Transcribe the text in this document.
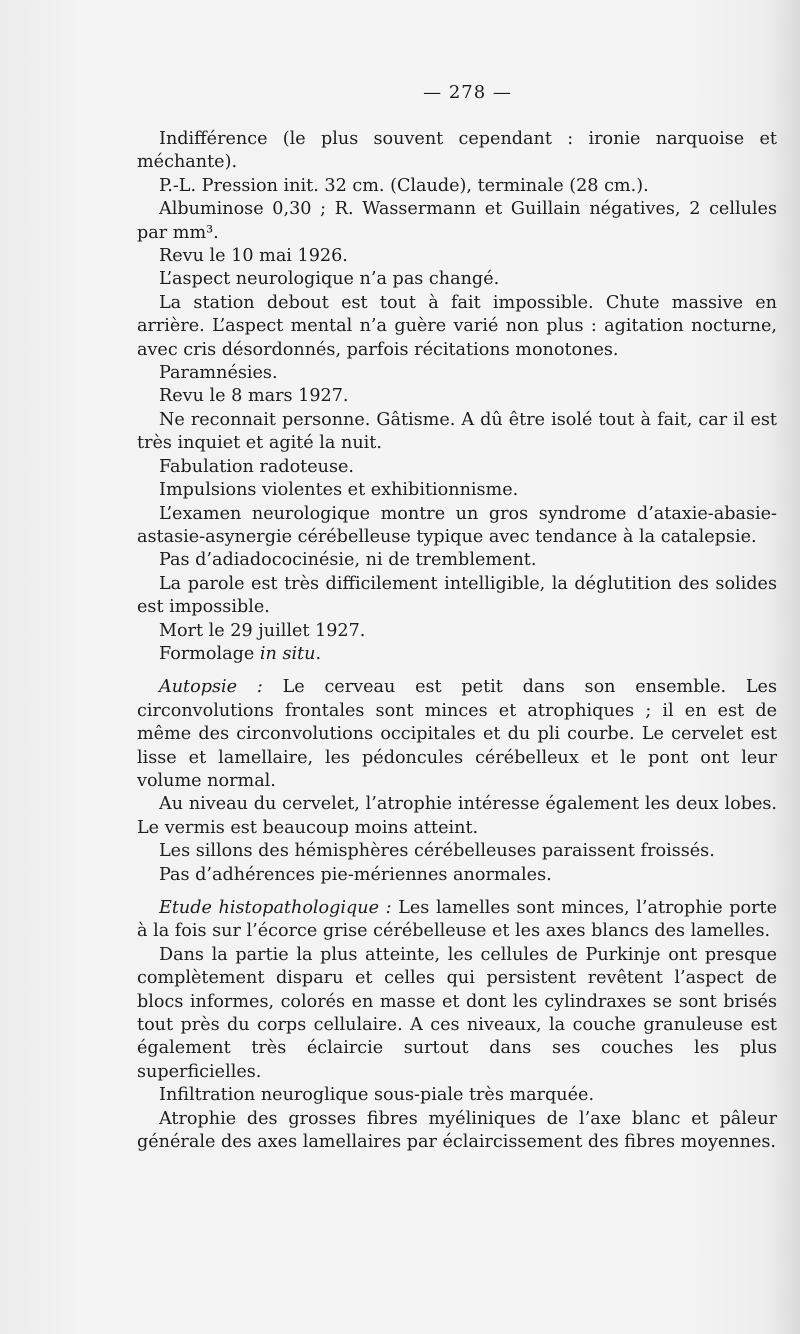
— 278 —

Indifférence (le plus souvent cependant : ironie narquoise et méchante).

P.-L. Pression init. 32 cm. (Claude), terminale (28 cm.).

Albuminose 0,30 ; R. Wassermann et Guillain négatives, 2 cellules par mm³.

Revu le 10 mai 1926.

L’aspect neurologique n’a pas changé.

La station debout est tout à fait impossible. Chute massive en arrière. L’aspect mental n’a guère varié non plus : agitation nocturne, avec cris désordonnés, parfois récitations monotones.

Paramnésies.

Revu le 8 mars 1927.

Ne reconnait personne. Gâtisme. A dû être isolé tout à fait, car il est très inquiet et agité la nuit.

Fabulation radoteuse.

Impulsions violentes et exhibitionnisme.

L’examen neurologique montre un gros syndrome d’ataxie-abasie-astasie-asynergie cérébelleuse typique avec tendance à la catalepsie.

Pas d’adiadococinésie, ni de tremblement.

La parole est très difficilement intelligible, la déglutition des solides est impossible.

Mort le 29 juillet 1927.

Formolage in situ.

Autopsie : Le cerveau est petit dans son ensemble. Les circonvolutions frontales sont minces et atrophiques ; il en est de même des circonvolutions occipitales et du pli courbe. Le cervelet est lisse et lamellaire, les pédoncules cérébelleux et le pont ont leur volume normal.

Au niveau du cervelet, l’atrophie intéresse également les deux lobes. Le vermis est beaucoup moins atteint.

Les sillons des hémisphères cérébelleuses paraissent froissés.

Pas d’adhérences pie-mériennes anormales.

Etude histopathologique : Les lamelles sont minces, l’atrophie porte à la fois sur l’écorce grise cérébelleuse et les axes blancs des lamelles.

Dans la partie la plus atteinte, les cellules de Purkinje ont presque complètement disparu et celles qui persistent revêtent l’aspect de blocs informes, colorés en masse et dont les cylindraxes se sont brisés tout près du corps cellulaire. A ces niveaux, la couche granuleuse est également très éclaircie surtout dans ses couches les plus superficielles.

Infiltration neuroglique sous-piale très marquée.

Atrophie des grosses fibres myéliniques de l’axe blanc et pâleur générale des axes lamellaires par éclaircissement des fibres moyennes.
